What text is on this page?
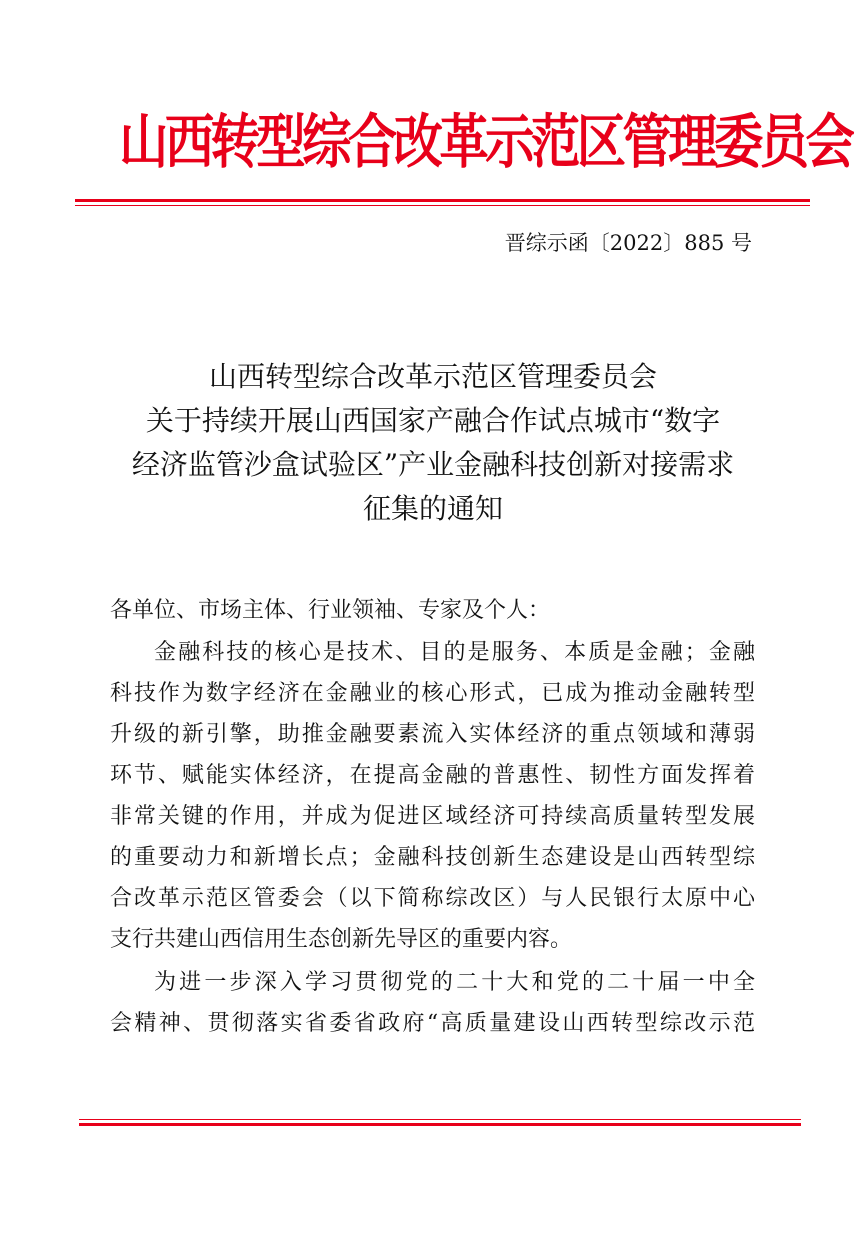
山西转型综合改革示范区管理委员会
晋综示函〔2022〕885 号
山西转型综合改革示范区管理委员会
关于持续开展山西国家产融合作试点城市“数字
经济监管沙盒试验区”产业金融科技创新对接需求
征集的通知

各单位、市场主体、行业领袖、专家及个人：

金融科技的核心是技术、目的是服务、本质是金融；金融
科技作为数字经济在金融业的核心形式，已成为推动金融转型
升级的新引擎，助推金融要素流入实体经济的重点领域和薄弱
环节、赋能实体经济，在提高金融的普惠性、韧性方面发挥着
非常关键的作用，并成为促进区域经济可持续高质量转型发展
的重要动力和新增长点；金融科技创新生态建设是山西转型综
合改革示范区管委会（以下简称综改区）与人民银行太原中心
支行共建山西信用生态创新先导区的重要内容。

为进一步深入学习贯彻党的二十大和党的二十届一中全
会精神、贯彻落实省委省政府“高质量建设山西转型综改示范
